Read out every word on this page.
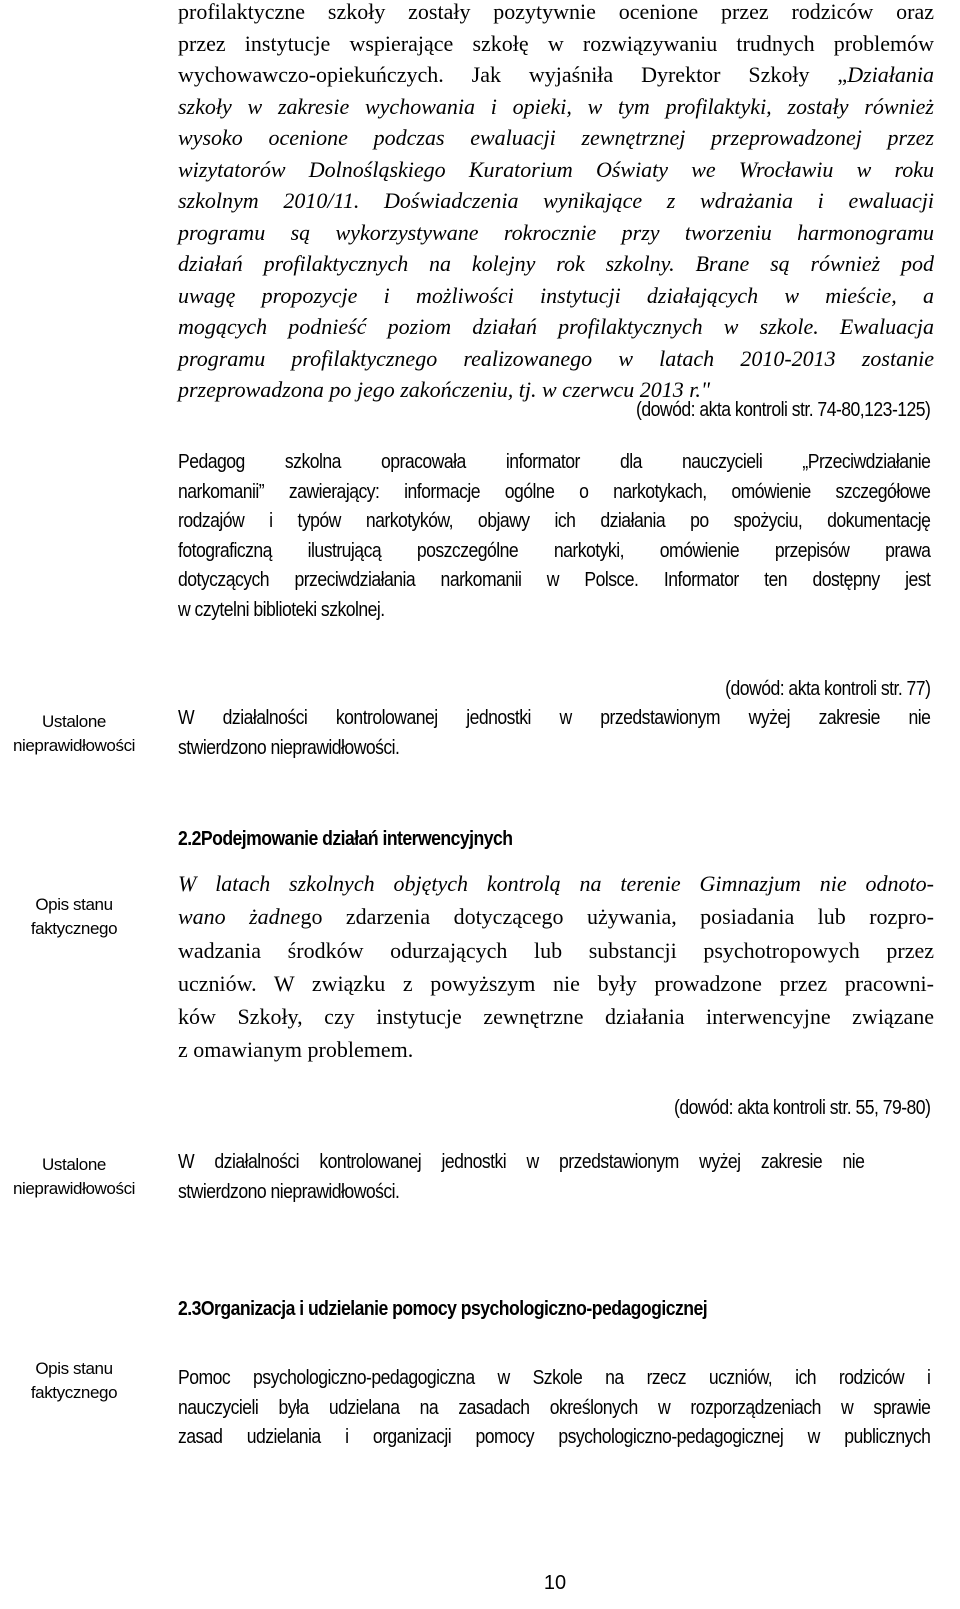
profilaktyczne szkoły zostały pozytywnie ocenione przez rodziców oraz
przez instytucje wspierające szkołę w rozwiązywaniu trudnych problemów
wychowawczo-opiekuńczych. Jak wyjaśniła Dyrektor Szkoły „Działania
szkoły w zakresie wychowania i opieki, w tym profilaktyki, zostały również
wysoko ocenione podczas ewaluacji zewnętrznej przeprowadzonej przez
wizytatorów Dolnośląskiego Kuratorium Oświaty we Wrocławiu w roku
szkolnym 2010/11. Doświadczenia wynikające z wdrażania i ewaluacji
programu są wykorzystywane rokrocznie przy tworzeniu harmonogramu
działań profilaktycznych na kolejny rok szkolny. Brane są również pod
uwagę propozycje i możliwości instytucji działających w mieście, a
mogących podnieść poziom działań profilaktycznych w szkole. Ewaluacja
programu profilaktycznego realizowanego w latach 2010-2013 zostanie
przeprowadzona po jego zakończeniu, tj. w czerwcu 2013 r."
(dowód: akta kontroli str. 74-80,123-125)
Pedagog szkolna opracowała informator dla nauczycieli „Przeciwdziałanie
narkomanii” zawierający: informacje ogólne o narkotykach, omówienie szczegółowe
rodzajów i typów narkotyków, objawy ich działania po spożyciu, dokumentację
fotograficzną ilustrującą poszczególne narkotyki, omówienie przepisów prawa
dotyczących przeciwdziałania narkomanii w Polsce. Informator ten dostępny jest
w czytelni biblioteki szkolnej.
(dowód: akta kontroli str. 77)
Ustalone
nieprawidłowości
W działalności kontrolowanej jednostki w przedstawionym wyżej zakresie nie
stwierdzono nieprawidłowości.
2.2Podejmowanie działań interwencyjnych
Opis stanu
faktycznego
W latach szkolnych objętych kontrolą na terenie Gimnazjum nie odnoto-
wano żadnego zdarzenia dotyczącego używania, posiadania lub rozpro-
wadzania środków odurzających lub substancji psychotropowych przez
uczniów. W związku z powyższym nie były prowadzone przez pracowni-
ków Szkoły, czy instytucje zewnętrzne działania interwencyjne związane
z omawianym problemem.
(dowód: akta kontroli str. 55, 79-80)
Ustalone
nieprawidłowości
W działalności kontrolowanej jednostki w przedstawionym wyżej zakresie nie
stwierdzono nieprawidłowości.
2.3Organizacja i udzielanie pomocy psychologiczno-pedagogicznej
Opis stanu
faktycznego
Pomoc psychologiczno-pedagogiczna w Szkole na rzecz uczniów, ich rodziców i
nauczycieli była udzielana na zasadach określonych w rozporządzeniach w sprawie
zasad udzielania i organizacji pomocy psychologiczno-pedagogicznej w publicznych
10
